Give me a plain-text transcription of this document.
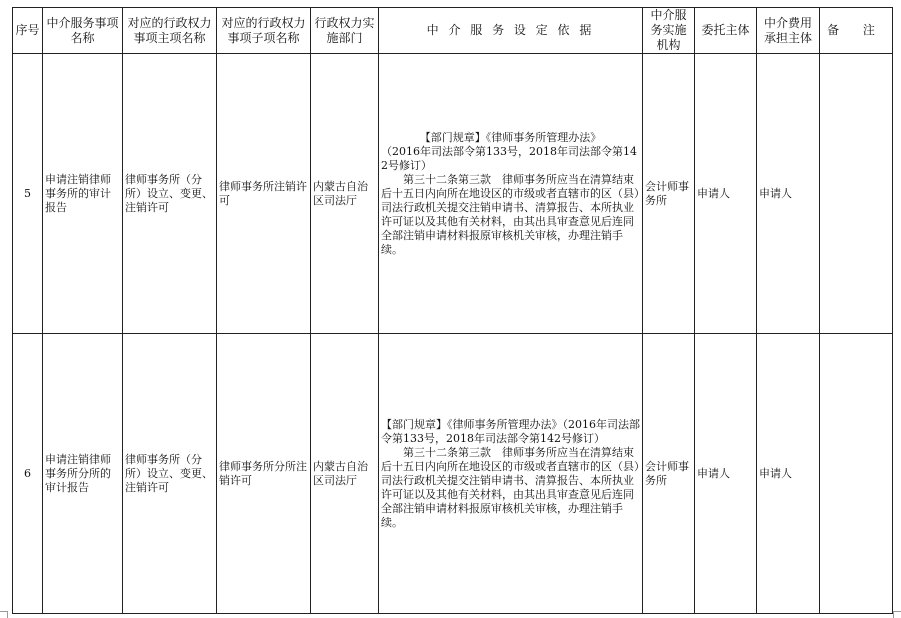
序号	中介服务事项名称	对应的行政权力事项主项名称	对应的行政权力事项子项名称	行政权力实施部门	中 介 服 务 设 定 依 据	中介服务实施机构	委托主体	中介费用承担主体	备 注
5	申请注销律师事务所的审计报告	律师事务所（分所）设立、变更、注销许可	律师事务所注销许可	内蒙古自治区司法厅	【部门规章】《律师事务所管理办法》

（2016年司法部令第133号，2018年司法部令第142号修订）

第三十二条第三款　律师事务所应当在清算结束后十五日内向所在地设区的市级或者直辖市的区（县）司法行政机关提交注销申请书、清算报告、本所执业许可证以及其他有关材料，由其出具审查意见后连同全部注销申请材料报原审核机关审核，办理注销手续。	会计师事务所	申请人	申请人	
6	申请注销律师事务所分所的审计报告	律师事务所（分所）设立、变更、注销许可	律师事务所分所注销许可	内蒙古自治区司法厅	【部门规章】《律师事务所管理办法》（2016年司法部令第133号，2018年司法部令第142号修订）

第三十二条第三款　律师事务所应当在清算结束后十五日内向所在地设区的市级或者直辖市的区（县）司法行政机关提交注销申请书、清算报告、本所执业许可证以及其他有关材料，由其出具审查意见后连同全部注销申请材料报原审核机关审核，办理注销手续。	会计师事务所	申请人	申请人	
